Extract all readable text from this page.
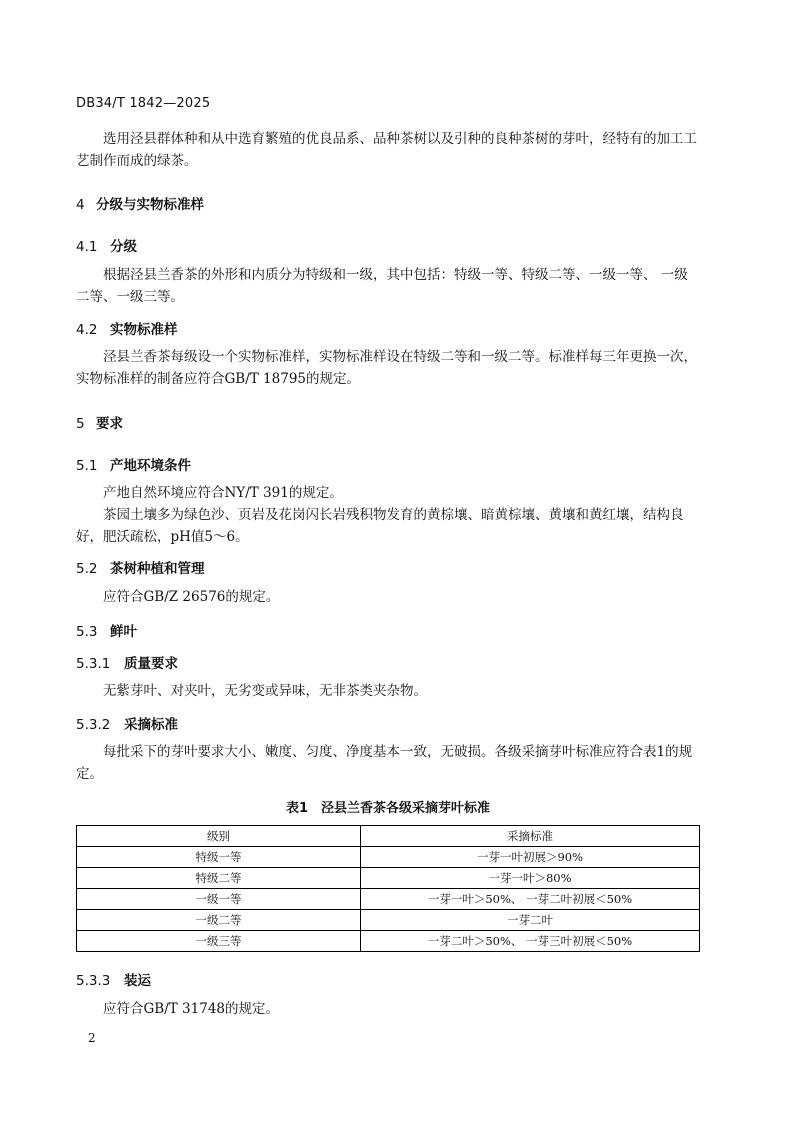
DB34/T 1842—2025
选用泾县群体种和从中选育繁殖的优良品系、品种茶树以及引种的良种茶树的芽叶，经特有的加工工艺制作而成的绿茶。
4 分级与实物标准样
4.1 分级
根据泾县兰香茶的外形和内质分为特级和一级，其中包括：特级一等、特级二等、一级一等、 一级二等、一级三等。
4.2 实物标准样
泾县兰香茶每级设一个实物标准样，实物标准样设在特级二等和一级二等。标准样每三年更换一次，实物标准样的制备应符合GB/T 18795的规定。
5 要求
5.1 产地环境条件
产地自然环境应符合NY/T 391的规定。
茶园土壤多为绿色沙、页岩及花岗闪长岩残积物发育的黄棕壤、暗黄棕壤、黄壤和黄红壤，结构良好，肥沃疏松，pH值5～6。
5.2 茶树种植和管理
应符合GB/Z 26576的规定。
5.3 鲜叶
5.3.1 质量要求
无紫芽叶、对夹叶，无劣变或异味，无非茶类夹杂物。
5.3.2 采摘标准
每批采下的芽叶要求大小、嫩度、匀度、净度基本一致，无破损。各级采摘芽叶标准应符合表1的规定。
表1　泾县兰香茶各级采摘芽叶标准
级别	采摘标准
特级一等	一芽一叶初展＞90%
特级二等	一芽一叶＞80%
一级一等	一芽一叶＞50%、 一芽二叶初展＜50%
一级二等	一芽二叶
一级三等	一芽二叶＞50%、 一芽三叶初展＜50%
5.3.3 装运
应符合GB/T 31748的规定。
2
